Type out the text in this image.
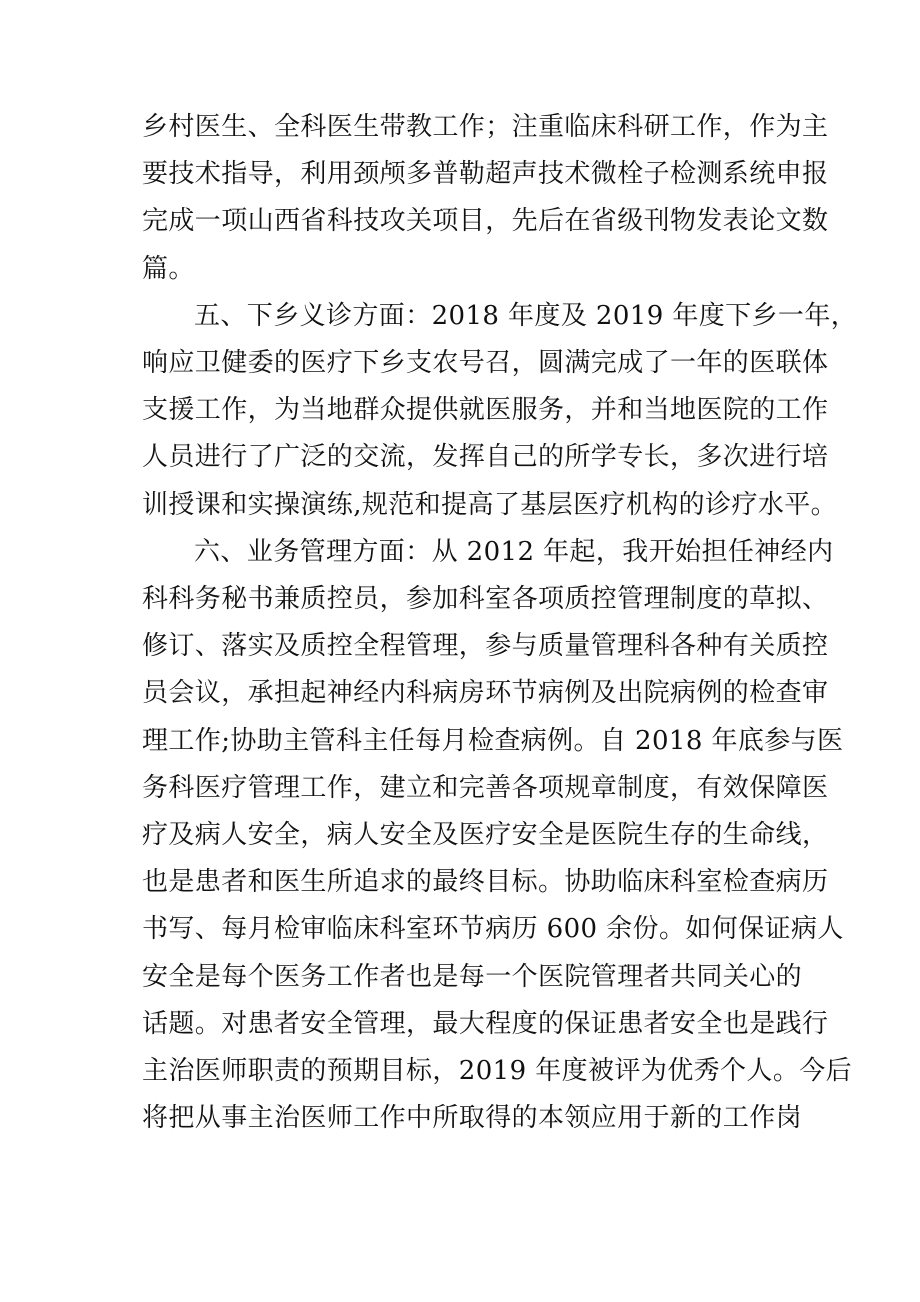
乡村医生、全科医生带教工作；注重临床科研工作，作为主
要技术指导，利用颈颅多普勒超声技术微栓子检测系统申报
完成一项山西省科技攻关项目，先后在省级刊物发表论文数
篇。

五、下乡义诊方面：2018 年度及 2019 年度下乡一年，
响应卫健委的医疗下乡支农号召，圆满完成了一年的医联体
支援工作，为当地群众提供就医服务，并和当地医院的工作
人员进行了广泛的交流，发挥自己的所学专长，多次进行培
训授课和实操演练,规范和提高了基层医疗机构的诊疗水平。

六、业务管理方面：从 2012 年起，我开始担任神经内
科科务秘书兼质控员，参加科室各项质控管理制度的草拟、
修订、落实及质控全程管理，参与质量管理科各种有关质控
员会议，承担起神经内科病房环节病例及出院病例的检查审
理工作;协助主管科主任每月检查病例。自 2018 年底参与医
务科医疗管理工作，建立和完善各项规章制度，有效保障医
疗及病人安全，病人安全及医疗安全是医院生存的生命线，
也是患者和医生所追求的最终目标。协助临床科室检查病历
书写、每月检审临床科室环节病历 600 余份。如何保证病人
安全是每个医务工作者也是每一个医院管理者共同关心的
话题。对患者安全管理，最大程度的保证患者安全也是践行
主治医师职责的预期目标，2019 年度被评为优秀个人。今后
将把从事主治医师工作中所取得的本领应用于新的工作岗
